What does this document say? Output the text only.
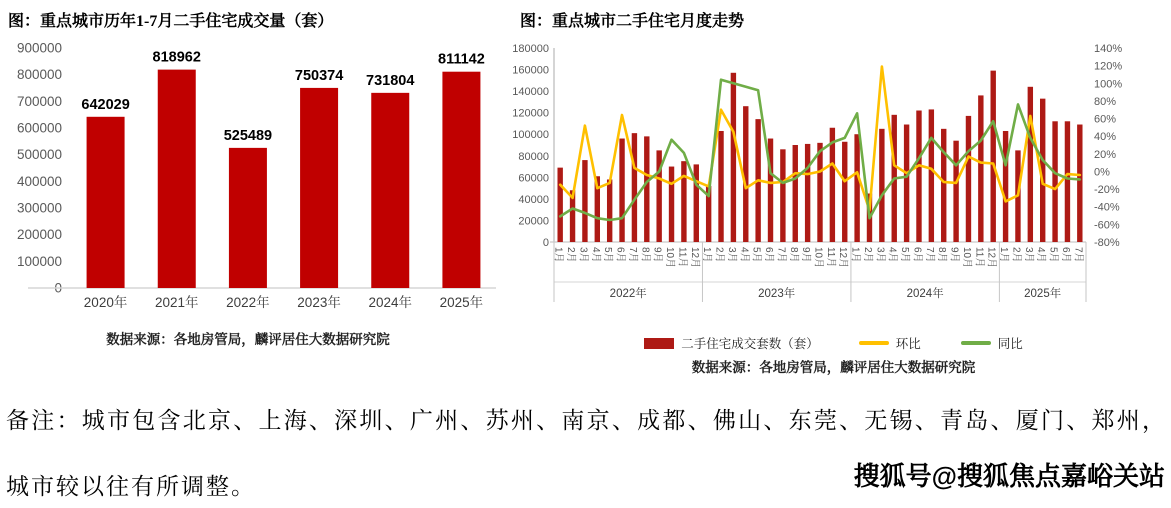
图：重点城市历年1-7月二手住宅成交量（套）
900000
800000
700000
600000
500000
400000
300000
200000
100000
0
642029
2020年
818962
2021年
525489
2022年
750374
2023年
731804
2024年
811142
2025年
数据来源：各地房管局，麟评居住大数据研究院
图：重点城市二手住宅月度走势
180000
160000
140000
120000
100000
80000
60000
40000
20000
0
140%
120%
100%
80%
60%
40%
20%
0%
-20%
-40%
-60%
-80%
1月 2月 3月 4月 5月 6月 7月 8月 9月 10月 11月 12月 1月 2月 3月 4月 5月 6月 7月 8月 9月 10月 11月 12月 1月 2月 3月 4月 5月 6月 7月 8月 9月 10月 11月 12月 1月 2月 3月 4月 5月 6月 7月
2022年	2023年	2024年	2025年
二手住宅成交套数（套）	环比	同比
数据来源：各地房管局，麟评居住大数据研究院
备注：城市包含北京、上海、深圳、广州、苏州、南京、成都、佛山、东莞、无锡、青岛、厦门、郑州，
城市较以往有所调整。	搜狐号@搜狐焦点嘉峪关站
